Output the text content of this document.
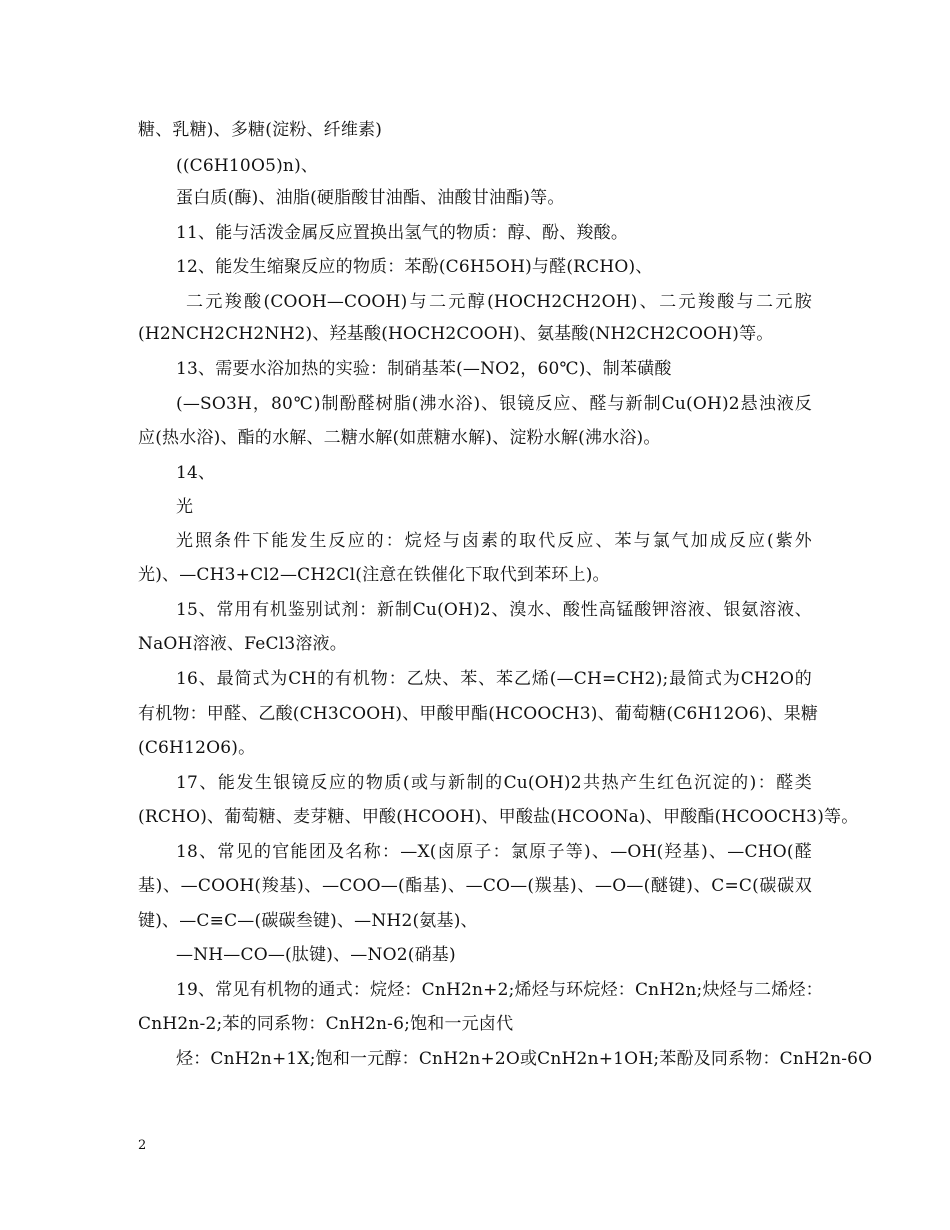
糖、乳糖)、多糖(淀粉、纤维素)
((C6H10O5)n)、
蛋白质(酶)、油脂(硬脂酸甘油酯、油酸甘油酯)等。
11、能与活泼金属反应置换出氢气的物质：醇、酚、羧酸。
12、能发生缩聚反应的物质：苯酚(C6H5OH)与醛(RCHO)、
二元羧酸(COOH—COOH)与二元醇(HOCH2CH2OH)、二元羧酸与二元胺
(H2NCH2CH2NH2)、羟基酸(HOCH2COOH)、氨基酸(NH2CH2COOH)等。
13、需要水浴加热的实验：制硝基苯(—NO2，60℃)、制苯磺酸
(—SO3H，80℃)制酚醛树脂(沸水浴)、银镜反应、醛与新制Cu(OH)2悬浊液反
应(热水浴)、酯的水解、二糖水解(如蔗糖水解)、淀粉水解(沸水浴)。
14、
光
光照条件下能发生反应的：烷烃与卤素的取代反应、苯与氯气加成反应(紫外
光)、—CH3+Cl2—CH2Cl(注意在铁催化下取代到苯环上)。
15、常用有机鉴别试剂：新制Cu(OH)2、溴水、酸性高锰酸钾溶液、银氨溶液、
NaOH溶液、FeCl3溶液。
16、最简式为CH的有机物：乙炔、苯、苯乙烯(—CH=CH2);最简式为CH2O的
有机物：甲醛、乙酸(CH3COOH)、甲酸甲酯(HCOOCH3)、葡萄糖(C6H12O6)、果糖
(C6H12O6)。
17、能发生银镜反应的物质(或与新制的Cu(OH)2共热产生红色沉淀的)：醛类
(RCHO)、葡萄糖、麦芽糖、甲酸(HCOOH)、甲酸盐(HCOONa)、甲酸酯(HCOOCH3)等。
18、常见的官能团及名称：—X(卤原子：氯原子等)、—OH(羟基)、—CHO(醛
基)、—COOH(羧基)、—COO—(酯基)、—CO—(羰基)、—O—(醚键)、C=C(碳碳双
键)、—C≡C—(碳碳叁键)、—NH2(氨基)、
—NH—CO—(肽键)、—NO2(硝基)
19、常见有机物的通式：烷烃：CnH2n+2;烯烃与环烷烃：CnH2n;炔烃与二烯烃：
CnH2n-2;苯的同系物：CnH2n-6;饱和一元卤代
烃：CnH2n+1X;饱和一元醇：CnH2n+2O或CnH2n+1OH;苯酚及同系物：CnH2n-6O
2
